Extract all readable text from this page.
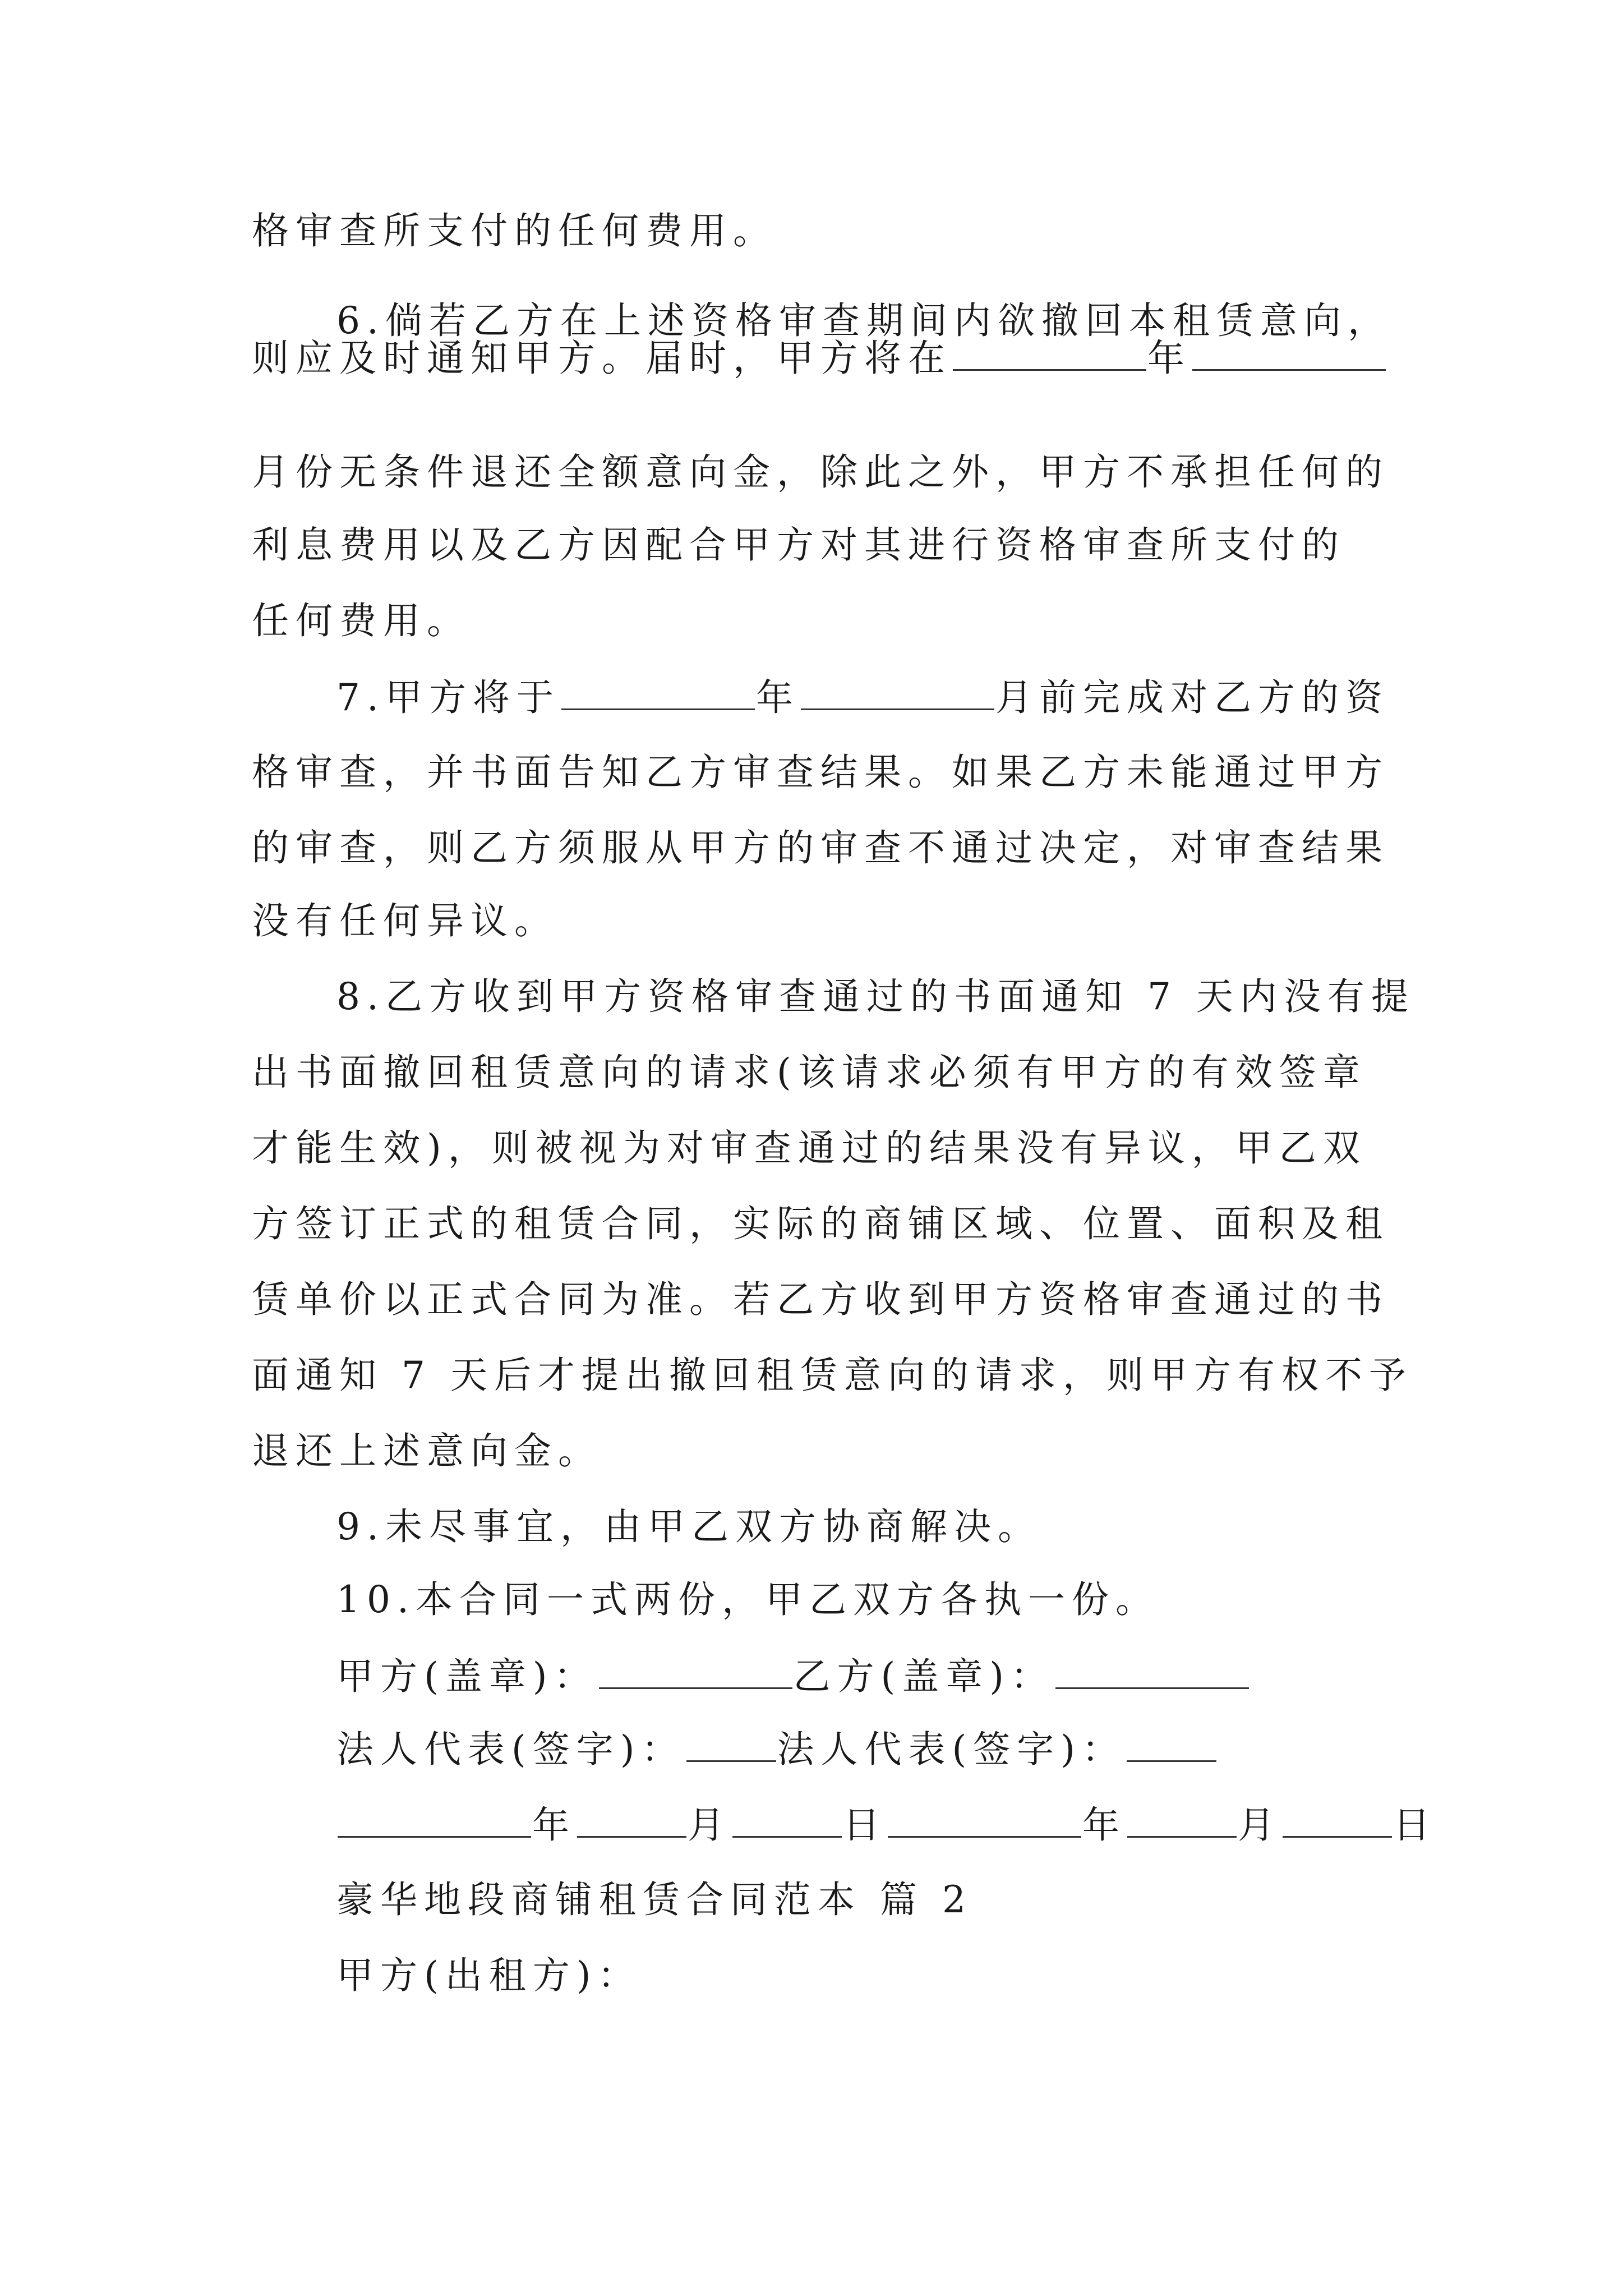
格审查所支付的任何费用。
6.倘若乙方在上述资格审查期间内欲撤回本租赁意向，
则应及时通知甲方。届时，甲方将在	年
月份无条件退还全额意向金，除此之外，甲方不承担任何的
利息费用以及乙方因配合甲方对其进行资格审查所支付的
任何费用。
7.甲方将于	年	月前完成对乙方的资
格审查，并书面告知乙方审查结果。如果乙方未能通过甲方
的审查，则乙方须服从甲方的审查不通过决定，对审查结果
没有任何异议。
8.乙方收到甲方资格审查通过的书面通知 7 天内没有提
出书面撤回租赁意向的请求(该请求必须有甲方的有效签章
才能生效)，则被视为对审查通过的结果没有异议，甲乙双
方签订正式的租赁合同，实际的商铺区域、位置、面积及租
赁单价以正式合同为准。若乙方收到甲方资格审查通过的书
面通知 7 天后才提出撤回租赁意向的请求，则甲方有权不予
退还上述意向金。
9.未尽事宜，由甲乙双方协商解决。
10.本合同一式两份，甲乙双方各执一份。
甲方(盖章)：	乙方(盖章)：
法人代表(签字)： 法人代表(签字)：
年	月	日	年	月	日
豪华地段商铺租赁合同范本 篇 2
甲方(出租方)：
